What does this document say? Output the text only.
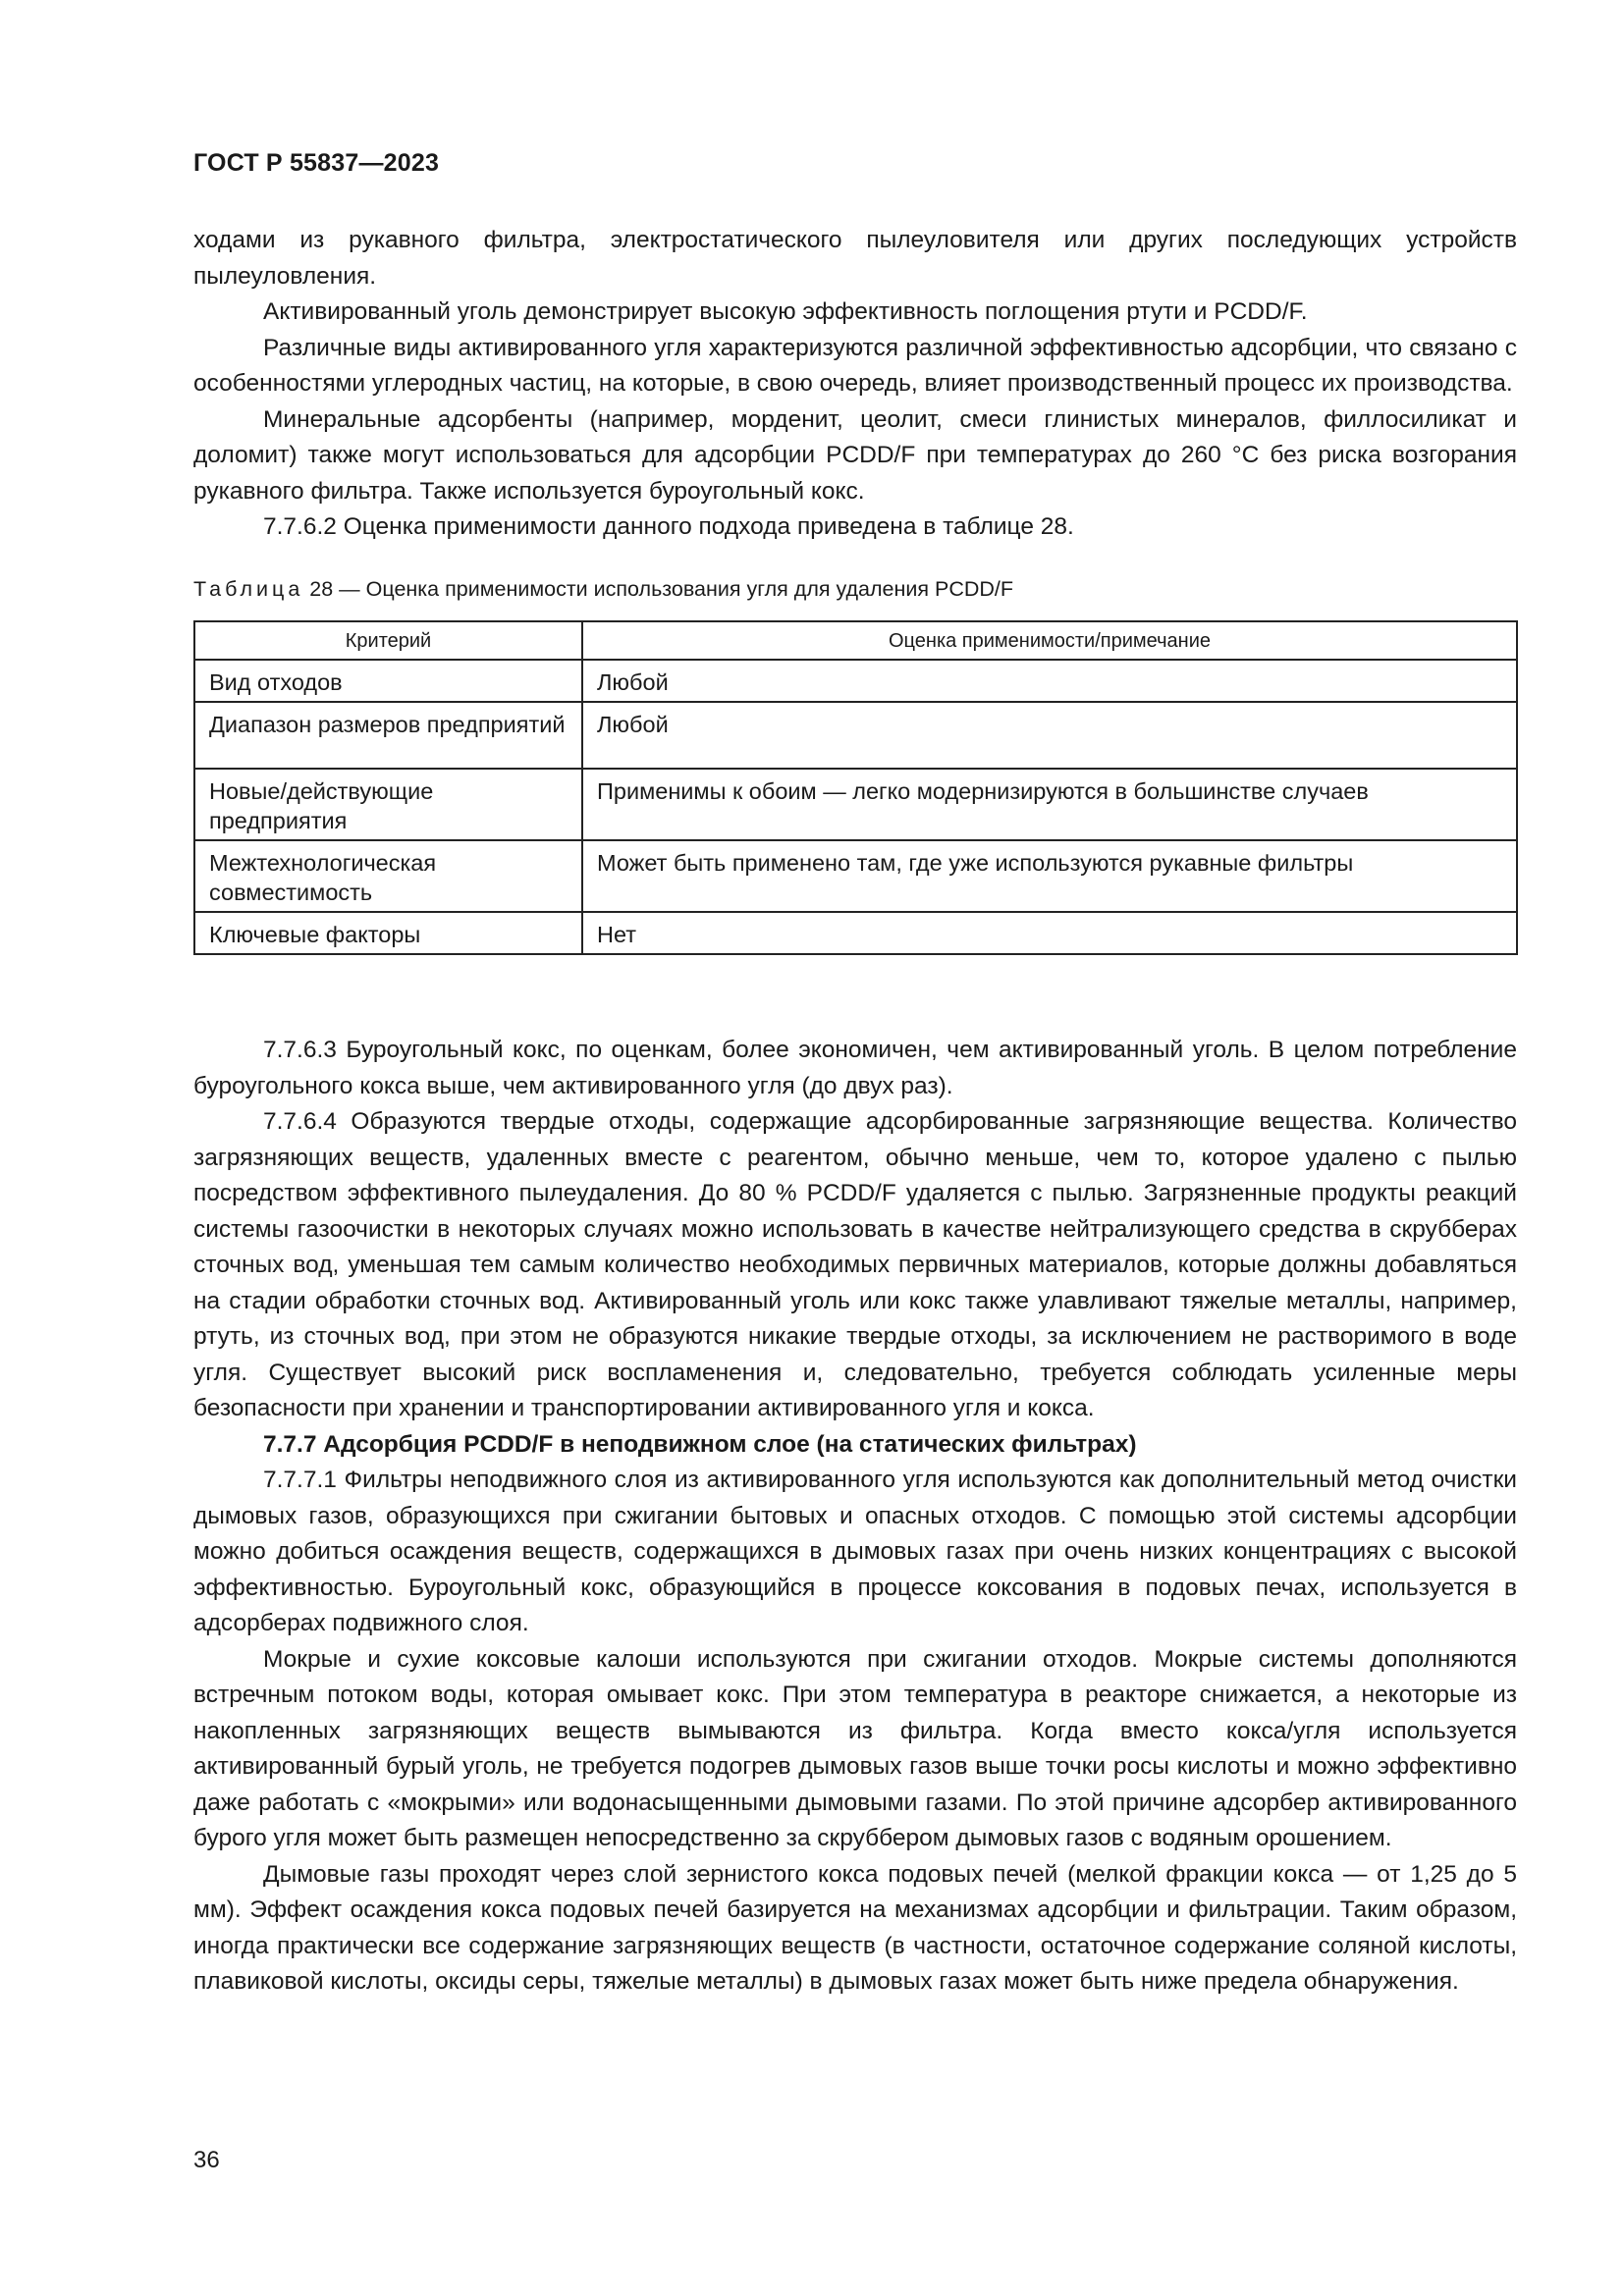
ГОСТ Р 55837—2023

ходами из рукавного фильтра, электростатического пылеуловителя или других последующих устройств пылеуловления.

Активированный уголь демонстрирует высокую эффективность поглощения ртути и PCDD/F.

Различные виды активированного угля характеризуются различной эффективностью адсорбции, что связано с особенностями углеродных частиц, на которые, в свою очередь, влияет производственный процесс их производства.

Минеральные адсорбенты (например, морденит, цеолит, смеси глинистых минералов, филлосиликат и доломит) также могут использоваться для адсорбции PCDD/F при температурах до 260 °С без риска возгорания рукавного фильтра. Также используется буроугольный кокс.

7.7.6.2 Оценка применимости данного подхода приведена в таблице 28.

Таблица 28 — Оценка применимости использования угля для удаления PCDD/F
Критерий	Оценка применимости/примечание
Вид отходов	Любой
Диапазон размеров предприятий	Любой
Новые/действующие предприятия	Применимы к обоим — легко модернизируются в большинстве случаев
Межтехнологическая совместимость	Может быть применено там, где уже используются рукавные фильтры
Ключевые факторы	Нет

7.7.6.3 Буроугольный кокс, по оценкам, более экономичен, чем активированный уголь. В целом потребление буроугольного кокса выше, чем активированного угля (до двух раз).

7.7.6.4 Образуются твердые отходы, содержащие адсорбированные загрязняющие вещества. Количество загрязняющих веществ, удаленных вместе с реагентом, обычно меньше, чем то, которое удалено с пылью посредством эффективного пылеудаления. До 80 % PCDD/F удаляется с пылью. Загрязненные продукты реакций системы газоочистки в некоторых случаях можно использовать в качестве нейтрализующего средства в скрубберах сточных вод, уменьшая тем самым количество необходимых первичных материалов, которые должны добавляться на стадии обработки сточных вод. Активированный уголь или кокс также улавливают тяжелые металлы, например, ртуть, из сточных вод, при этом не образуются никакие твердые отходы, за исключением не растворимого в воде угля. Существует высокий риск воспламенения и, следовательно, требуется соблюдать усиленные меры безопасности при хранении и транспортировании активированного угля и кокса.

7.7.7 Адсорбция PCDD/F в неподвижном слое (на статических фильтрах)

7.7.7.1 Фильтры неподвижного слоя из активированного угля используются как дополнительный метод очистки дымовых газов, образующихся при сжигании бытовых и опасных отходов. С помощью этой системы адсорбции можно добиться осаждения веществ, содержащихся в дымовых газах при очень низких концентрациях с высокой эффективностью. Буроугольный кокс, образующийся в процессе коксования в подовых печах, используется в адсорберах подвижного слоя.

Мокрые и сухие коксовые калоши используются при сжигании отходов. Мокрые системы дополняются встречным потоком воды, которая омывает кокс. При этом температура в реакторе снижается, а некоторые из накопленных загрязняющих веществ вымываются из фильтра. Когда вместо кокса/угля используется активированный бурый уголь, не требуется подогрев дымовых газов выше точки росы кислоты и можно эффективно даже работать с «мокрыми» или водонасыщенными дымовыми газами. По этой причине адсорбер активированного бурого угля может быть размещен непосредственно за скруббером дымовых газов с водяным орошением.

Дымовые газы проходят через слой зернистого кокса подовых печей (мелкой фракции кокса — от 1,25 до 5 мм). Эффект осаждения кокса подовых печей базируется на механизмах адсорбции и фильтрации. Таким образом, иногда практически все содержание загрязняющих веществ (в частности, остаточное содержание соляной кислоты, плавиковой кислоты, оксиды серы, тяжелые металлы) в дымовых газах может быть ниже предела обнаружения.

36
